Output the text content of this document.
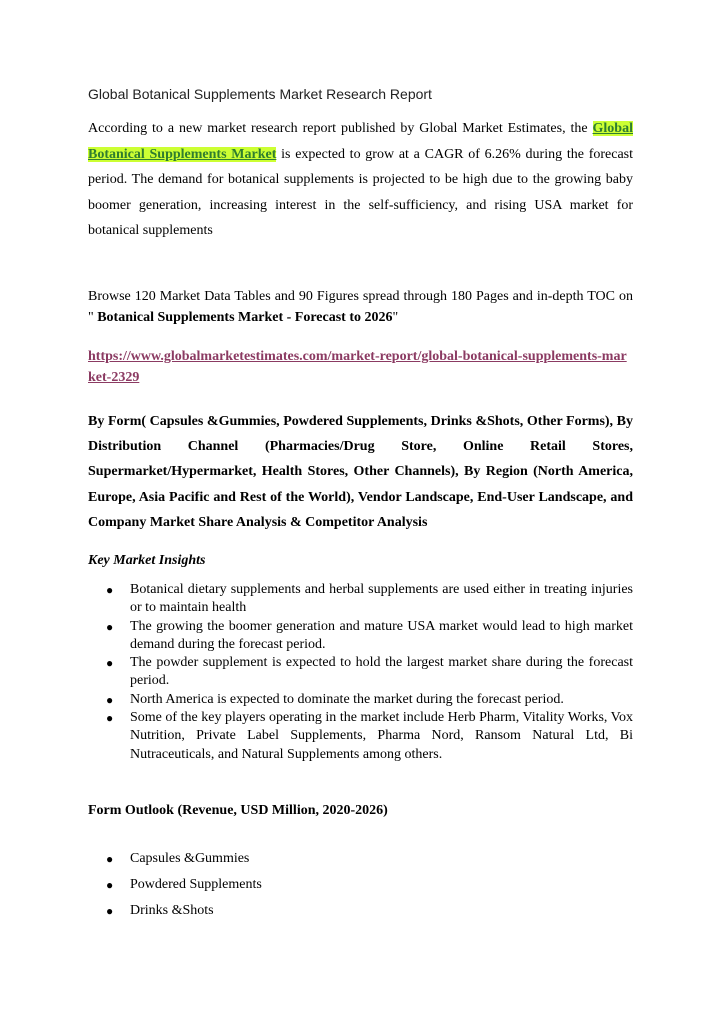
Global Botanical Supplements Market Research Report

According to a new market research report published by Global Market Estimates, the Global Botanical Supplements Market is expected to grow at a CAGR of 6.26% during the forecast period. The demand for botanical supplements is projected to be high due to the growing baby boomer generation, increasing interest in the self-sufficiency, and rising USA market for botanical supplements

Browse 120 Market Data Tables and 90 Figures spread through 180 Pages and in-depth TOC on " Botanical Supplements Market - Forecast to 2026"

https://www.globalmarketestimates.com/market-report/global-botanical-supplements-market-2329

By Form( Capsules &Gummies, Powdered Supplements, Drinks &Shots, Other Forms), By Distribution Channel (Pharmacies/Drug Store, Online Retail Stores, Supermarket/Hypermarket, Health Stores, Other Channels), By Region (North America, Europe, Asia Pacific and Rest of the World), Vendor Landscape, End-User Landscape, and Company Market Share Analysis & Competitor Analysis

Key Market Insights
● Botanical dietary supplements and herbal supplements are used either in treating injuries or to maintain health
● The growing the boomer generation and mature USA market would lead to high market demand during the forecast period.
● The powder supplement is expected to hold the largest market share during the forecast period.
● North America is expected to dominate the market during the forecast period.
● Some of the key players operating in the market include Herb Pharm, Vitality Works, Vox Nutrition, Private Label Supplements, Pharma Nord, Ransom Natural Ltd, Bi Nutraceuticals, and Natural Supplements among others.
Form Outlook (Revenue, USD Million, 2020-2026)
● Capsules &Gummies
● Powdered Supplements
● Drinks &Shots
